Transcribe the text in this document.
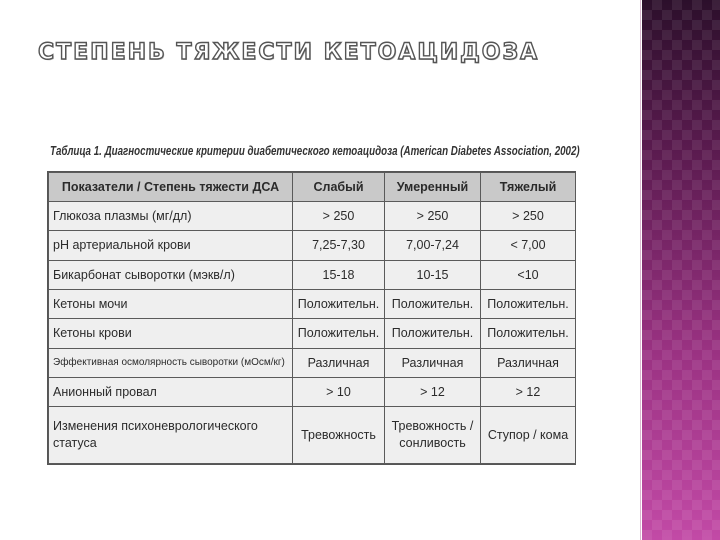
СТЕПЕНЬ ТЯЖЕСТИ КЕТОАЦИДОЗА
Таблица 1. Диагностические критерии диабетического кетоацидоза (American Diabetes Association, 2002)
Показатели / Степень тяжести ДСА	Слабый	Умеренный	Тяжелый
Глюкоза плазмы (мг/дл)	> 250	> 250	> 250
рН артериальной крови	7,25-7,30	7,00-7,24	< 7,00
Бикарбонат сыворотки (мэкв/л)	15-18	10-15	<10
Кетоны мочи	Положительн.	Положительн.	Положительн.
Кетоны крови	Положительн.	Положительн.	Положительн.
Эффективная осмолярность сыворотки (мОсм/кг)	Различная	Различная	Различная
Анионный провал	> 10	> 12	> 12
Изменения психоневрологического статуса	Тревожность	Тревожность / сонливость	Ступор / кома
